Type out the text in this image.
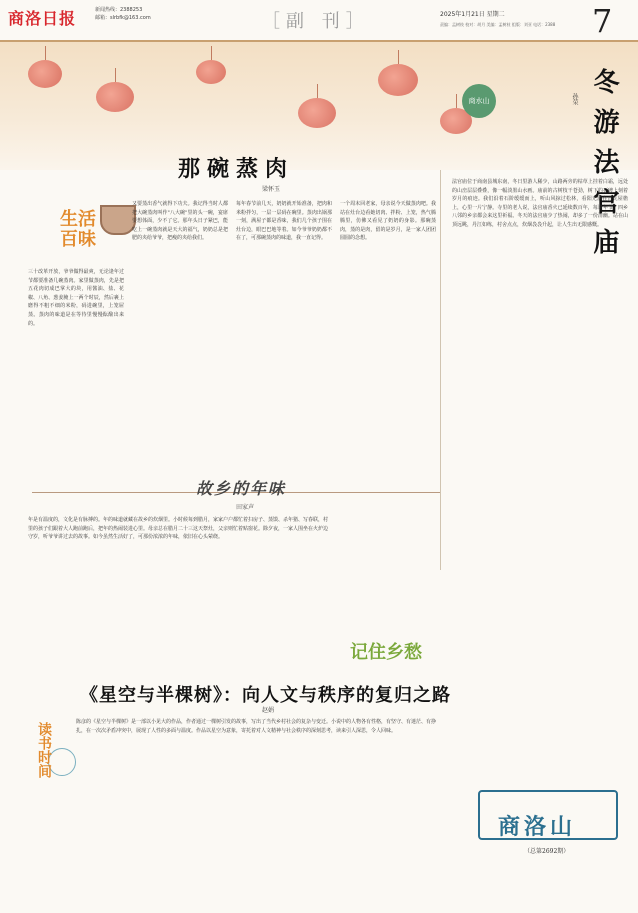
商洛日报	新闻热线：2388253
邮箱：slrbfk@163.com	［副 刊］	2025年1月21日 星期二
责编：孟树枝 校对：胡月 美编：孟树枝 组版：刘亚 电话：2388 7
那碗蒸肉
梁怀玉
生活百味
三十改革开放，爷爷做得最爽，无论逢年过节都要准备几碗蒸肉。家里做蒸肉，先是把五花肉切成巴掌大的块，用酱油、盐、花椒、八角、葱姜腌上一两个时辰，然后裹上磨得不粗不细的米粉，码进碗里，上笼屉蒸。蒸肉的味道是在等待里慢慢酝酿出来的。
又要蒸出香气就得下功夫。我记得当时人都把大碗蒸肉叫作"八大碗"里的头一碗，宴席要想体面，少不了它。那年头日子紧巴，能吃上一碗蒸肉就是天大的福气，奶奶总是把肥的夹给爷爷，把瘦的夹给我们。
每年春节前几天，奶奶就开始准备，把肉和米粉拌匀，一层一层码在碗里。蒸肉出锅那一刻，满屋子都是香味，我们几个孩子围在灶台边，眼巴巴地等着。如今爷爷奶奶都不在了，可那碗蒸肉的味道，我一直记得。
一个周末回老家，母亲说今天做蒸肉吧。我站在灶台边看她切肉、拌粉、上笼，热气腾腾里，仿佛又看见了奶奶的身影。那碗蒸肉，蒸的是肉，留的是岁月，是一家人团团圆圆的念想。
商水山	冬游法官庙
孙荣
法官庙位于商南县城东南，冬日里游人稀少，山路两旁的枯草上挂着白霜，远处的山峦层层叠叠，像一幅淡墨山水画。庙前的古树枝干苍劲，树下的石碑上刻着岁月的痕迹。我们沿着石阶缓缓而上，听山风掠过松林，看阳光洒在青瓦屋檐上，心里一片宁静。寺里的老人说，法官庙香火已延续数百年，每逢年节，四乡八邻的乡亲都会来这里祈福。冬天的法官庙少了热闹，却多了一份清幽。站在山顶远眺，丹江如练，村舍点点，炊烟袅袅升起，让人生出无限感慨。
故乡的年味
田家声
年是有温度的，文化是有脉搏的。年的味道就藏在故乡的炊烟里。小时候每到腊月，家家户户都忙着扫房子、蒸馍、杀年猪、写春联，村里的孩子们跟着大人跑前跑后，把年的热闹装进心里。母亲总在腊月二十三这天祭灶，父亲则忙着贴窗花。除夕夜，一家人围坐在火炉边守岁，听爷爷讲过去的故事。如今虽然生活好了，可那份浓浓的年味，依旧在心头萦绕。
记住乡愁
《星空与半棵树》：向人文与秩序的复归之路
赵娟
读书时间	陈彦的《星空与半棵树》是一部以小见大的作品，作者通过一棵树引发的故事，写出了当代乡村社会的复杂与变迁。小说中的人物各有性格，有坚守、有迷茫、有挣扎，在一次次矛盾冲突中，展现了人性的多面与温度。作品以星空为意象，寄托着对人文精神与社会秩序的深刻思考，读来引人深思，令人回味。
商洛山
（总第2692期）
